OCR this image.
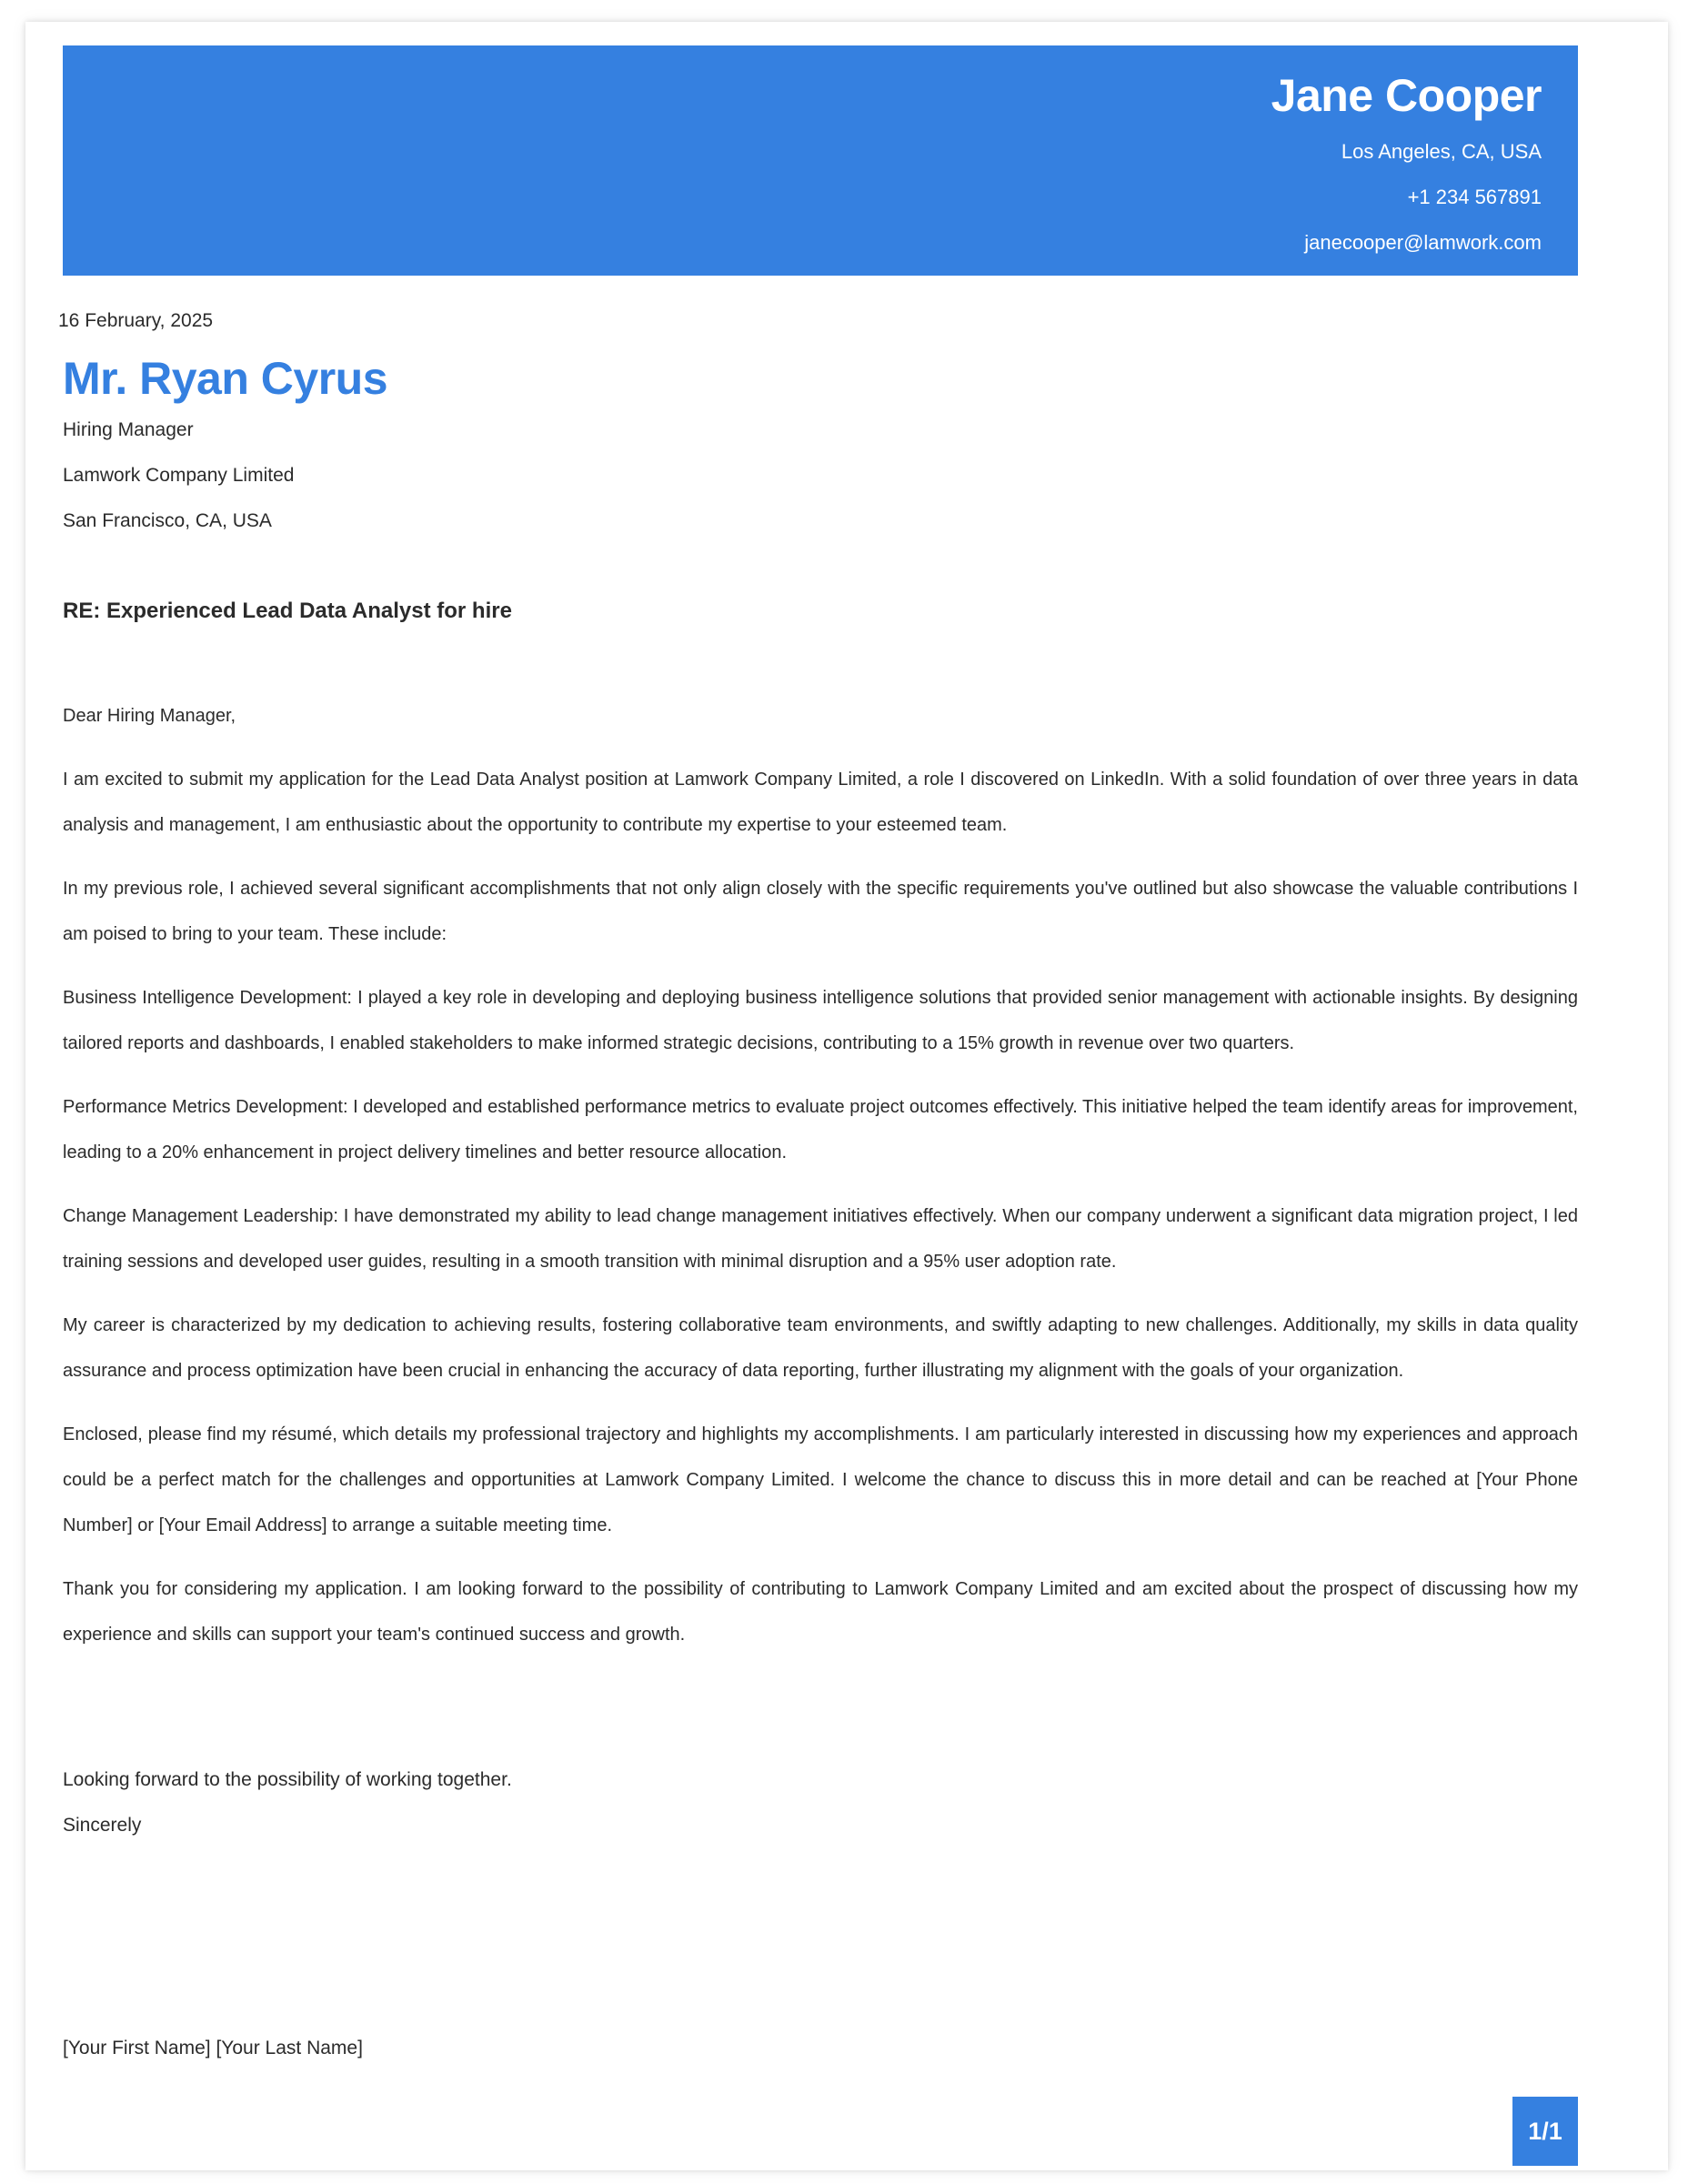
Jane Cooper
Los Angeles, CA, USA
+1 234 567891
janecooper@lamwork.com
16 February, 2025
Mr. Ryan Cyrus
Hiring Manager
Lamwork Company Limited
San Francisco, CA, USA
RE: Experienced Lead Data Analyst for hire

Dear Hiring Manager,

I am excited to submit my application for the Lead Data Analyst position at Lamwork Company Limited, a role I discovered on LinkedIn. With a solid foundation of over three years in data analysis and management, I am enthusiastic about the opportunity to contribute my expertise to your esteemed team.

In my previous role, I achieved several significant accomplishments that not only align closely with the specific requirements you've outlined but also showcase the valuable contributions I am poised to bring to your team. These include:

Business Intelligence Development: I played a key role in developing and deploying business intelligence solutions that provided senior management with actionable insights. By designing tailored reports and dashboards, I enabled stakeholders to make informed strategic decisions, contributing to a 15% growth in revenue over two quarters.

Performance Metrics Development: I developed and established performance metrics to evaluate project outcomes effectively. This initiative helped the team identify areas for improvement, leading to a 20% enhancement in project delivery timelines and better resource allocation.

Change Management Leadership: I have demonstrated my ability to lead change management initiatives effectively. When our company underwent a significant data migration project, I led training sessions and developed user guides, resulting in a smooth transition with minimal disruption and a 95% user adoption rate.

My career is characterized by my dedication to achieving results, fostering collaborative team environments, and swiftly adapting to new challenges. Additionally, my skills in data quality assurance and process optimization have been crucial in enhancing the accuracy of data reporting, further illustrating my alignment with the goals of your organization.

Enclosed, please find my résumé, which details my professional trajectory and highlights my accomplishments. I am particularly interested in discussing how my experiences and approach could be a perfect match for the challenges and opportunities at Lamwork Company Limited. I welcome the chance to discuss this in more detail and can be reached at [Your Phone Number] or [Your Email Address] to arrange a suitable meeting time.

Thank you for considering my application. I am looking forward to the possibility of contributing to Lamwork Company Limited and am excited about the prospect of discussing how my experience and skills can support your team's continued success and growth.

Looking forward to the possibility of working together.
Sincerely
[Your First Name] [Your Last Name]
1/1
